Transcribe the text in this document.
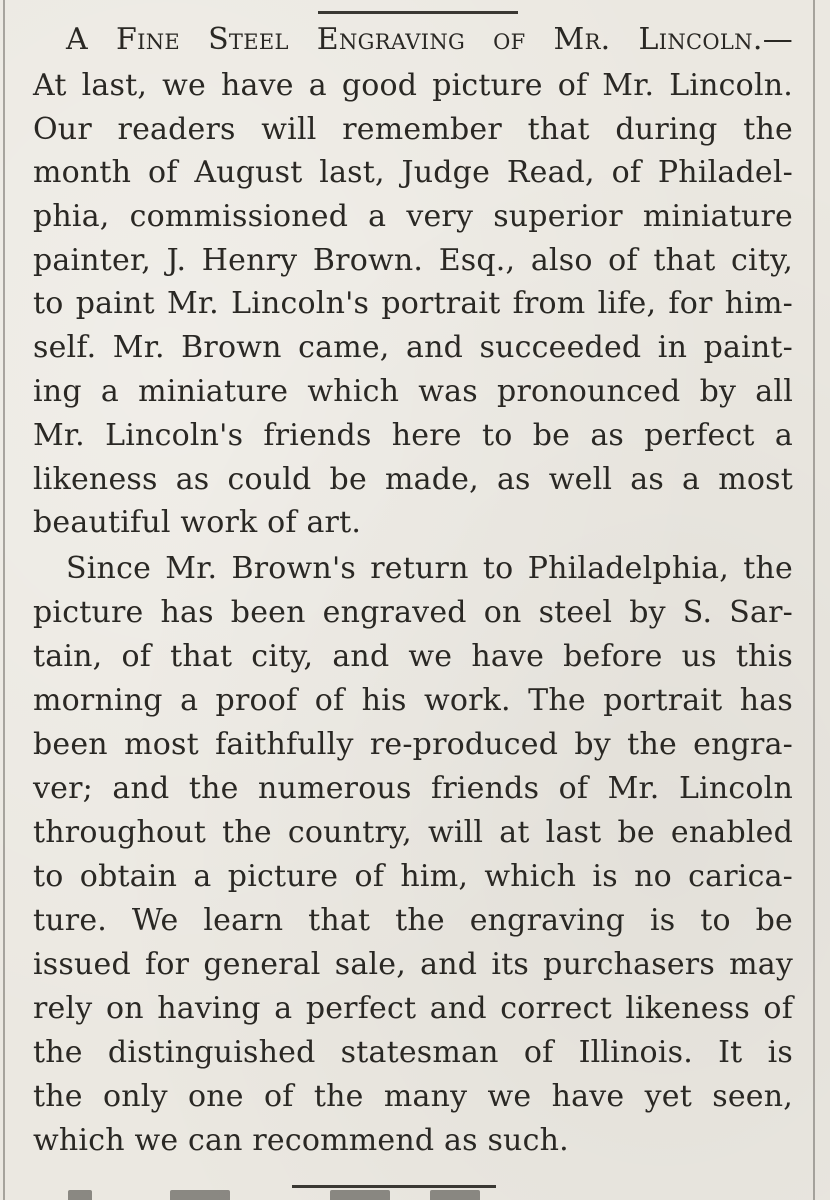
A Fine Steel Engraving of Mr. Lincoln.—
At last, we have a good picture of Mr. Lincoln.
Our readers will remember that during the
month of August last, Judge Read, of Philadel-
phia, commissioned a very superior miniature
painter, J. Henry Brown. Esq., also of that city,
to paint Mr. Lincoln's portrait from life, for him-
self. Mr. Brown came, and succeeded in paint-
ing a miniature which was pronounced by all
Mr. Lincoln's friends here to be as perfect a
likeness as could be made, as well as a most
beautiful work of art.
Since Mr. Brown's return to Philadelphia, the
picture has been engraved on steel by S. Sar-
tain, of that city, and we have before us this
morning a proof of his work. The portrait has
been most faithfully re-produced by the engra-
ver; and the numerous friends of Mr. Lincoln
throughout the country, will at last be enabled
to obtain a picture of him, which is no carica-
ture. We learn that the engraving is to be
issued for general sale, and its purchasers may
rely on having a perfect and correct likeness of
the distinguished statesman of Illinois. It is
the only one of the many we have yet seen,
which we can recommend as such.
